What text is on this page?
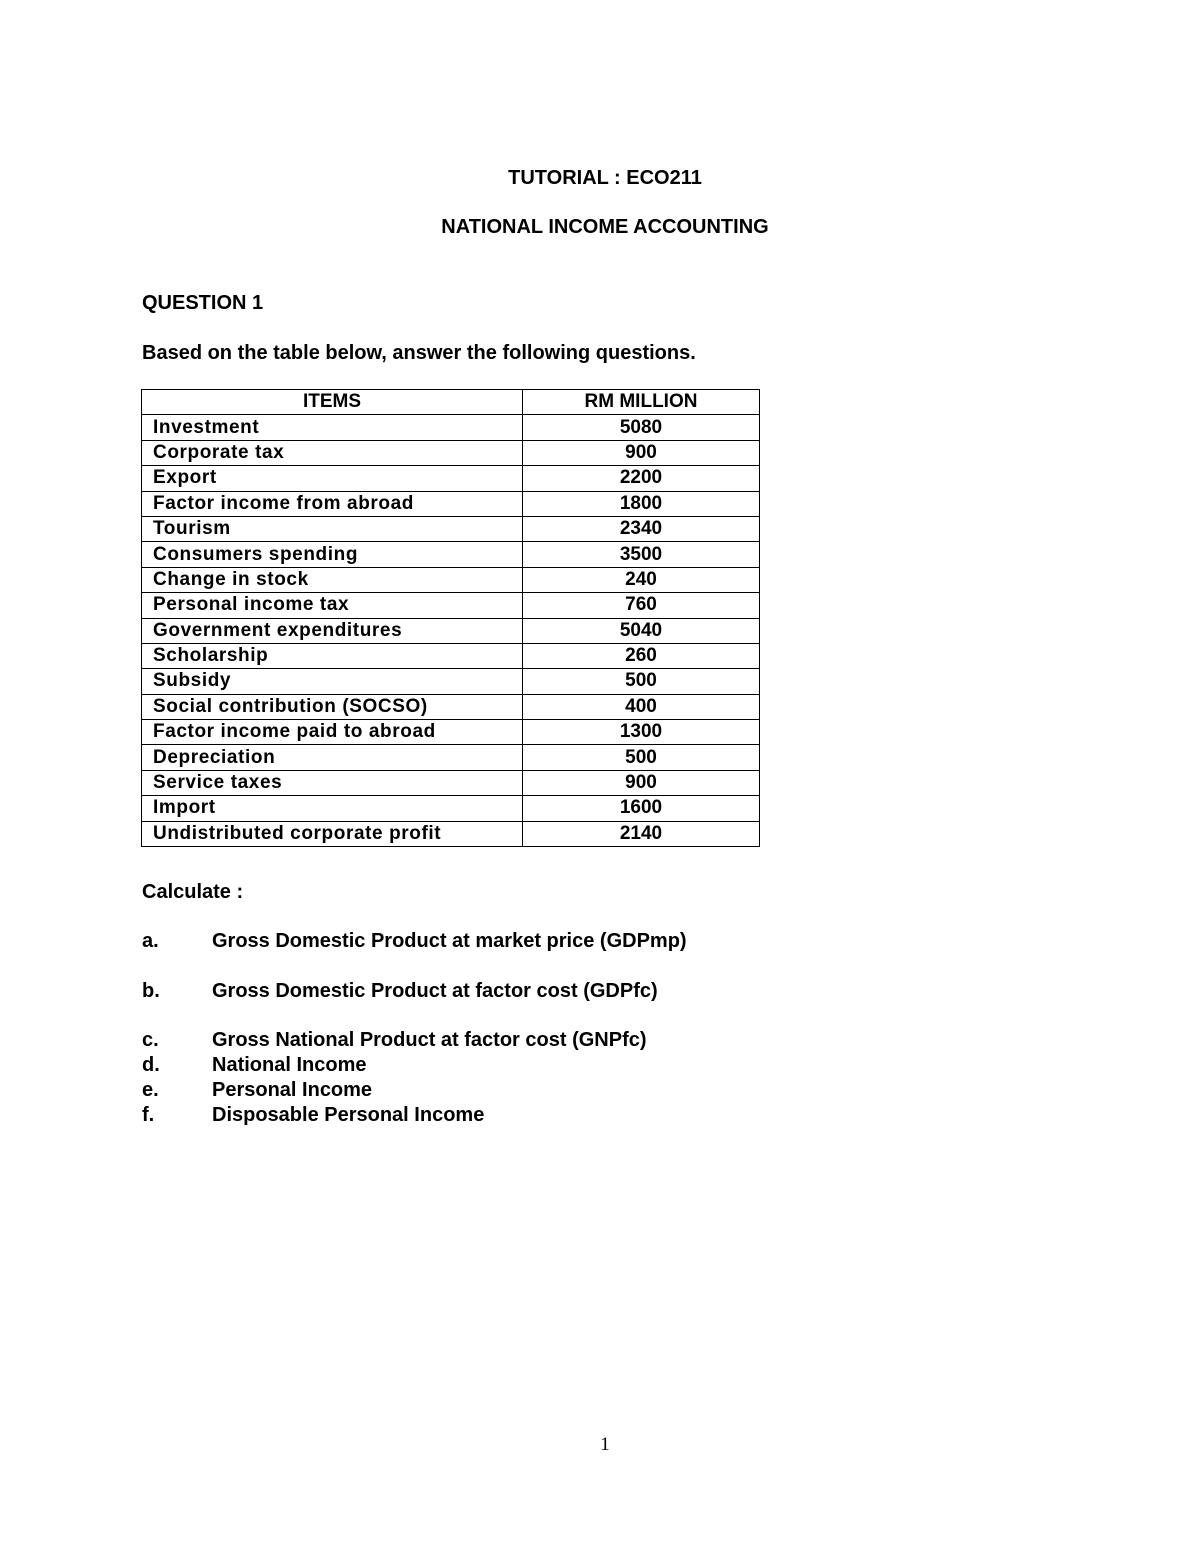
TUTORIAL : ECO211
NATIONAL INCOME ACCOUNTING
QUESTION 1
Based on the table below, answer the following questions.
ITEMS	RM MILLION
Investment	5080
Corporate tax	900
Export	2200
Factor income from abroad	1800
Tourism	2340
Consumers spending	3500
Change in stock	240
Personal income tax	760
Government expenditures	5040
Scholarship	260
Subsidy	500
Social contribution (SOCSO)	400
Factor income paid to abroad	1300
Depreciation	500
Service taxes	900
Import	1600
Undistributed corporate profit	2140
Calculate :
a.	Gross Domestic Product at market price (GDPmp)
b.	Gross Domestic Product at factor cost (GDPfc)
c.	Gross National Product at factor cost (GNPfc)
d.	National Income
e.	Personal Income
f.	Disposable Personal Income
1
